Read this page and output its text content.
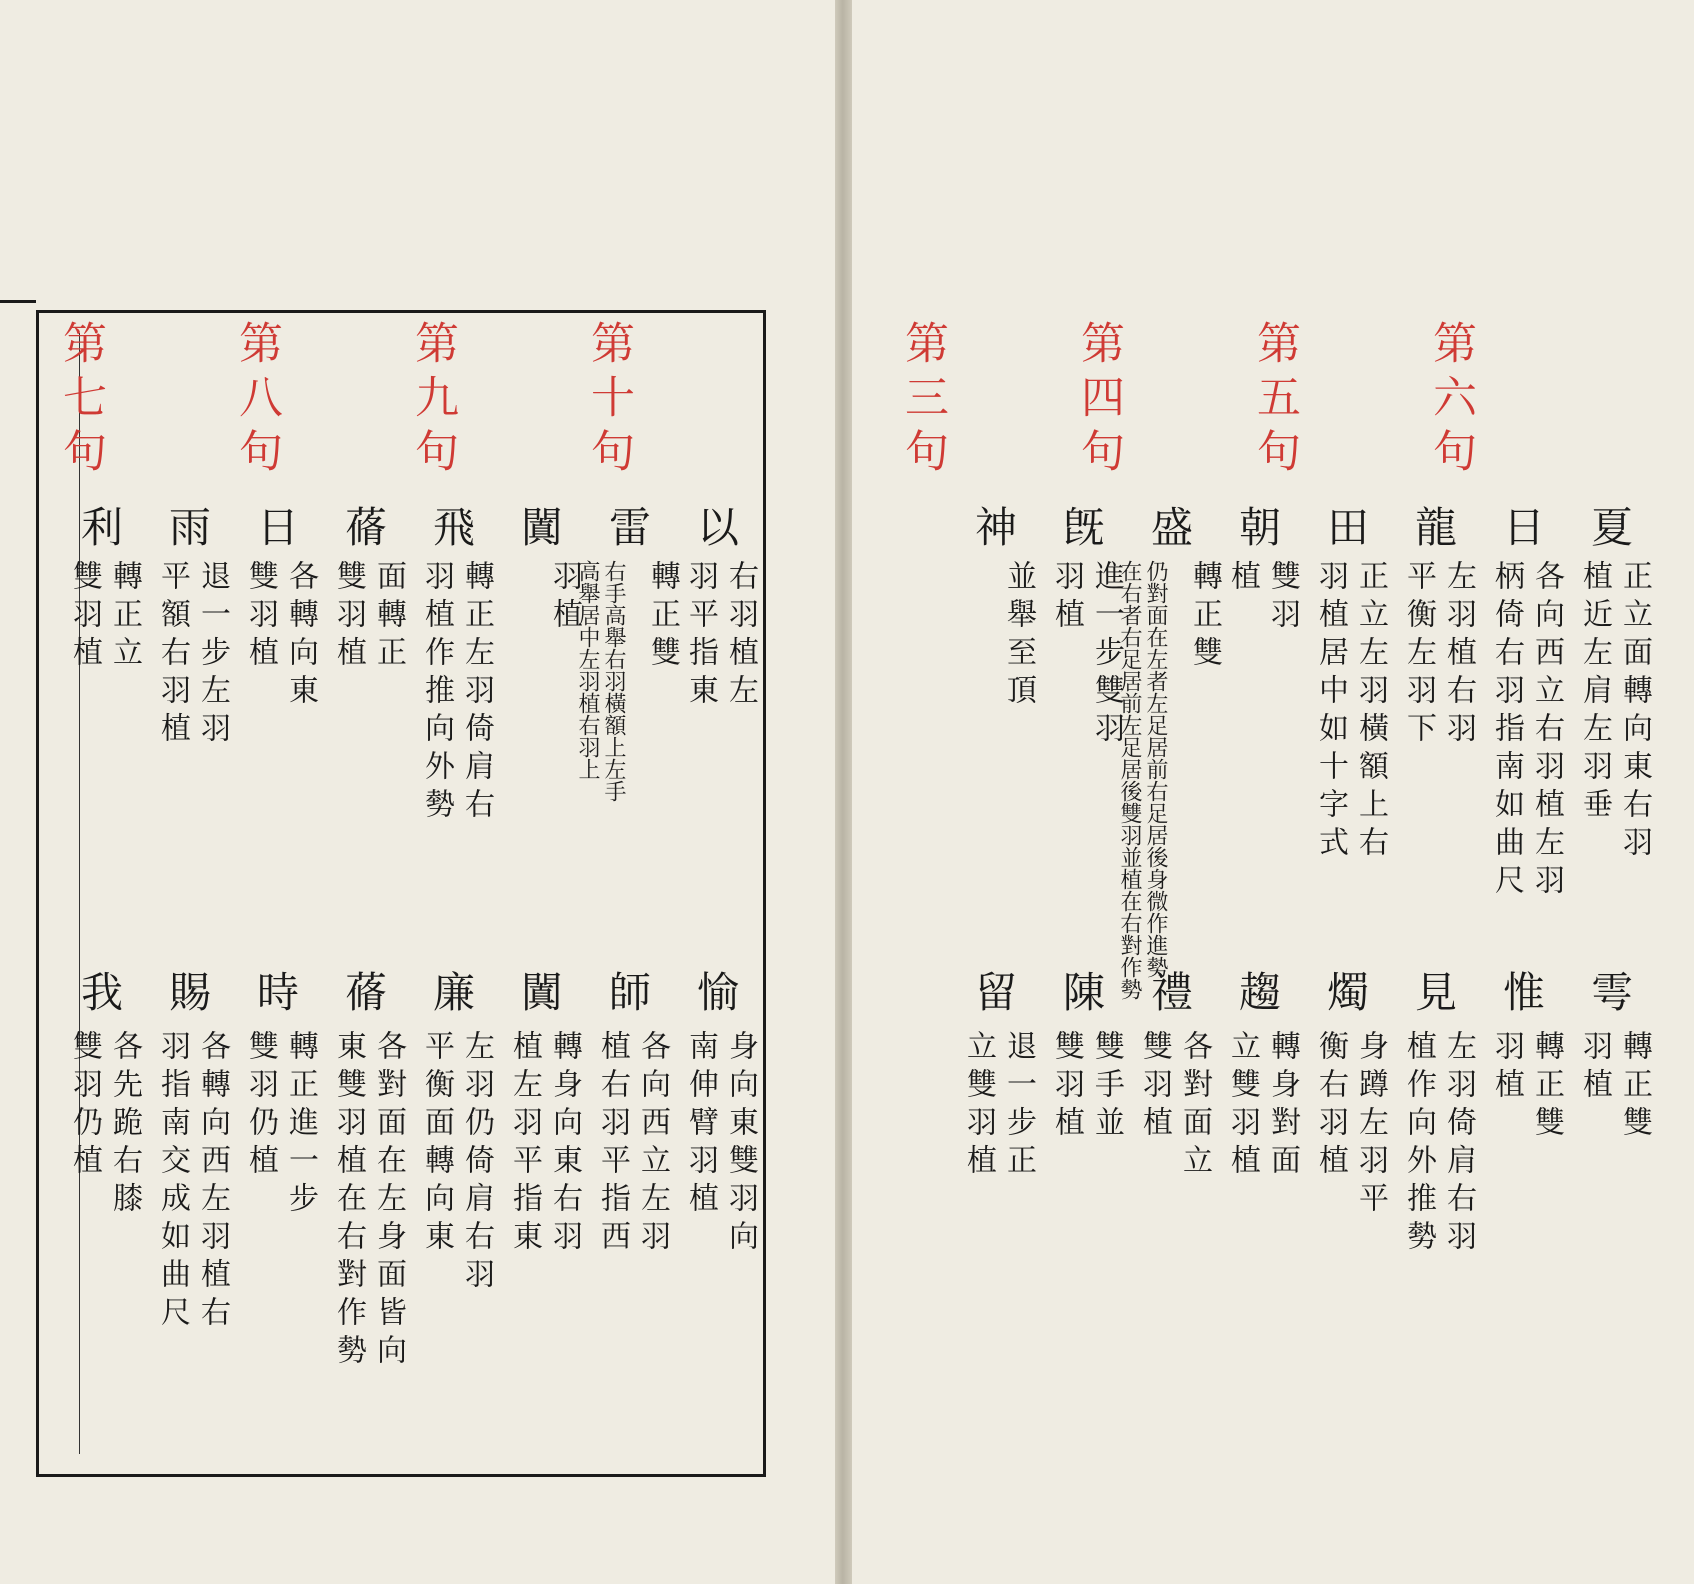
第十句
第九句
第八句
第七句
以
右羽植左
羽平指東
雷
轉正雙
右手高舉右羽橫額上左手
高舉居中左羽植右羽上
闐
羽植
飛
轉正左羽倚肩右
羽植作推向外勢
蓨
面轉正
雙羽植
日
各轉向東
雙羽植
雨
退一步左羽
平額右羽植
利
轉正立
雙羽植
愉
身向東雙羽向
南伸臂羽植
師
各向西立左羽
植右羽平指西
闐
轉身向東右羽
植左羽平指東
廉
左羽仍倚肩右羽
平衡面轉向東
蓨
各對面在左身面皆向
東雙羽植在右對作勢
時
轉正進一步
雙羽仍植
賜
各轉向西左羽植右
羽指南交成如曲尺
我
各先跪右膝
雙羽仍植
第六句
第五句
第四句
第三句
夏
正立面轉向東右羽
植近左肩左羽垂
日
各向西立右羽植左羽
柄倚右羽指南如曲尺
龍
左羽植右羽
平衡左羽下
田
正立左羽橫額上右
羽植居中如十字式
朝
雙羽
植
盛
轉正雙
仍對面在左者左足居前右足居後身微作進勢
在右者右足居前左足居後雙羽並植在右對作勢
旣
進一步雙羽
羽植
神
並舉至頂
雩
轉正雙
羽植
惟
轉正雙
羽植
見
左羽倚肩右羽
植作向外推勢
燭
身蹲左羽平
衡右羽植
趨
轉身對面
立雙羽植
禮
各對面立
雙羽植
陳
雙手並
雙羽植
留
退一步正
立雙羽植
